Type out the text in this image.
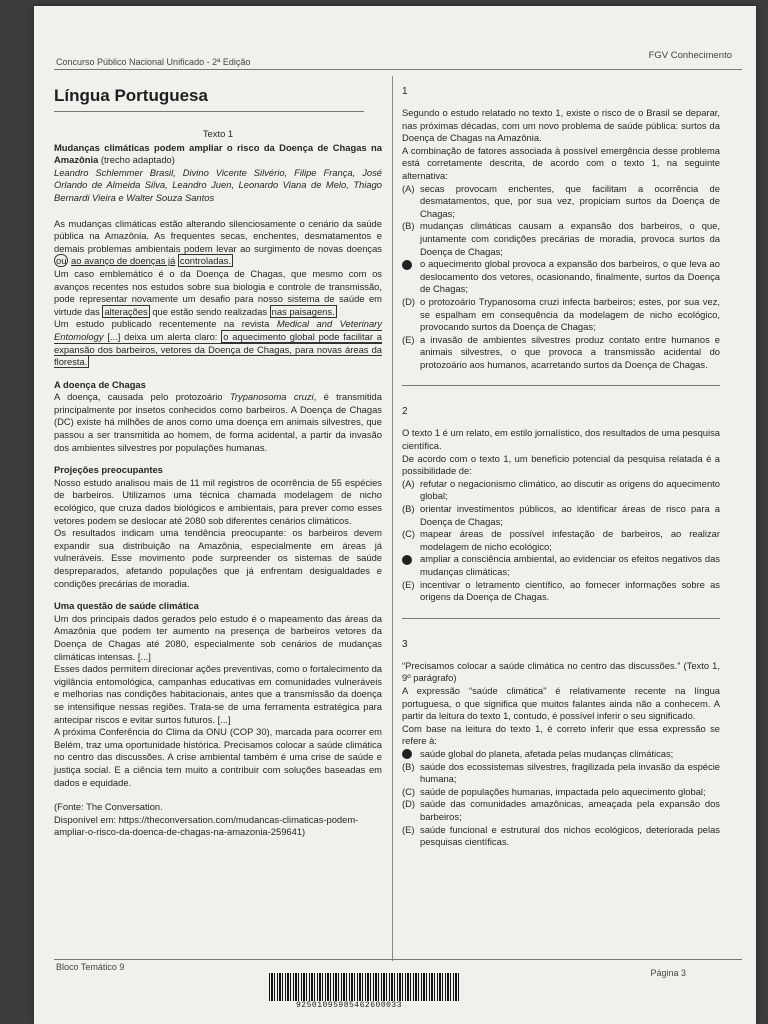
Concurso Público Nacional Unificado - 2ª Edição
FGV Conhecimento
Língua Portuguesa
Texto 1
Mudanças climáticas podem ampliar o risco da Doença de Chagas na Amazônia (trecho adaptado)
Leandro Schlemmer Brasil, Divino Vicente Silvério, Filipe França, José Orlando de Almeida Silva, Leandro Juen, Leonardo Viana de Melo, Thiago Bernardi Vieira e Walter Souza Santos
As mudanças climáticas estão alterando silenciosamente o cenário da saúde pública na Amazônia. As frequentes secas, enchentes, desmatamentos e demais problemas ambientais podem levar ao surgimento de novas doenças ou ao avanço de doenças já controladas.
Um caso emblemático é o da Doença de Chagas, que mesmo com os avanços recentes nos estudos sobre sua biologia e controle de transmissão, pode representar novamente um desafio para nosso sistema de saúde em virtude das alterações que estão sendo realizadas nas paisagens.
Um estudo publicado recentemente na revista Medical and Veterinary Entomology [...] deixa um alerta claro: o aquecimento global pode facilitar a expansão dos barbeiros, vetores da Doença de Chagas, para novas áreas da floresta.
A doença de Chagas
A doença, causada pelo protozoário Trypanosoma cruzi, é transmitida principalmente por insetos conhecidos como barbeiros. A Doença de Chagas (DC) existe há milhões de anos como uma doença em animais silvestres, que passou a ser transmitida ao homem, de forma acidental, a partir da invasão dos ambientes silvestres por populações humanas.
Projeções preocupantes
Nosso estudo analisou mais de 11 mil registros de ocorrência de 55 espécies de barbeiros. Utilizamos uma técnica chamada modelagem de nicho ecológico, que cruza dados biológicos e ambientais, para prever como esses vetores podem se deslocar até 2080 sob diferentes cenários climáticos.
Os resultados indicam uma tendência preocupante: os barbeiros devem expandir sua distribuição na Amazônia, especialmente em áreas já vulneráveis. Esse movimento pode surpreender os sistemas de saúde despreparados, afetando populações que já enfrentam desigualdades e condições precárias de moradia.
Uma questão de saúde climática
Um dos principais dados gerados pelo estudo é o mapeamento das áreas da Amazônia que podem ter aumento na presença de barbeiros vetores da Doença de Chagas até 2080, especialmente sob cenários de mudanças climáticas intensas. [...]
Esses dados permitem direcionar ações preventivas, como o fortalecimento da vigilância entomológica, campanhas educativas em comunidades vulneráveis e melhorias nas condições habitacionais, antes que a transmissão da doença se intensifique nessas regiões. Trata-se de uma ferramenta estratégica para antecipar riscos e evitar surtos futuros. [...]
A próxima Conferência do Clima da ONU (COP 30), marcada para ocorrer em Belém, traz uma oportunidade histórica. Precisamos colocar a saúde climática no centro das discussões. A crise ambiental também é uma crise de saúde e justiça social. E a ciência tem muito a contribuir com soluções baseadas em dados e equidade.
(Fonte: The Conversation.
Disponível em: https://theconversation.com/mudancas-climaticas-podem-ampliar-o-risco-da-doenca-de-chagas-na-amazonia-259641)
1
Segundo o estudo relatado no texto 1, existe o risco de o Brasil se deparar, nas próximas décadas, com um novo problema de saúde pública: surtos da Doença de Chagas na Amazônia.
A combinação de fatores associada à possível emergência desse problema está corretamente descrita, de acordo com o texto 1, na seguinte alternativa:
(A) secas provocam enchentes, que facilitam a ocorrência de desmatamentos, que, por sua vez, propiciam surtos da Doença de Chagas;
(B) mudanças climáticas causam a expansão dos barbeiros, o que, juntamente com condições precárias de moradia, provoca surtos da Doença de Chagas;
o aquecimento global provoca a expansão dos barbeiros, o que leva ao deslocamento dos vetores, ocasionando, finalmente, surtos da Doença de Chagas;
(D) o protozoário Trypanosoma cruzi infecta barbeiros; estes, por sua vez, se espalham em consequência da modelagem de nicho ecológico, provocando surtos da Doença de Chagas;
(E) a invasão de ambientes silvestres produz contato entre humanos e animais silvestres, o que provoca a transmissão acidental do protozoário aos humanos, acarretando surtos da Doença de Chagas.
2
O texto 1 é um relato, em estilo jornalístico, dos resultados de uma pesquisa científica.
De acordo com o texto 1, um benefício potencial da pesquisa relatada é a possibilidade de:
(A) refutar o negacionismo climático, ao discutir as origens do aquecimento global;
(B) orientar investimentos públicos, ao identificar áreas de risco para a Doença de Chagas;
(C) mapear áreas de possível infestação de barbeiros, ao realizar modelagem de nicho ecológico;
ampliar a consciência ambiental, ao evidenciar os efeitos negativos das mudanças climáticas;
(E) incentivar o letramento científico, ao fornecer informações sobre as origens da Doença de Chagas.
3
“Precisamos colocar a saúde climática no centro das discussões.” (Texto 1, 9º parágrafo)
A expressão “saúde climática” é relativamente recente na língua portuguesa, o que significa que muitos falantes ainda não a conhecem. A partir da leitura do texto 1, contudo, é possível inferir o seu significado.
Com base na leitura do texto 1, é correto inferir que essa expressão se refere à:
saúde global do planeta, afetada pelas mudanças climáticas;
(B) saúde dos ecossistemas silvestres, fragilizada pela invasão da espécie humana;
(C) saúde de populações humanas, impactada pelo aquecimento global;
(D) saúde das comunidades amazônicas, ameaçada pela expansão dos barbeiros;
(E) saúde funcional e estrutural dos nichos ecológicos, deteriorada pelas pesquisas científicas.
Bloco Temático 9
92501095985462600033
Página 3
